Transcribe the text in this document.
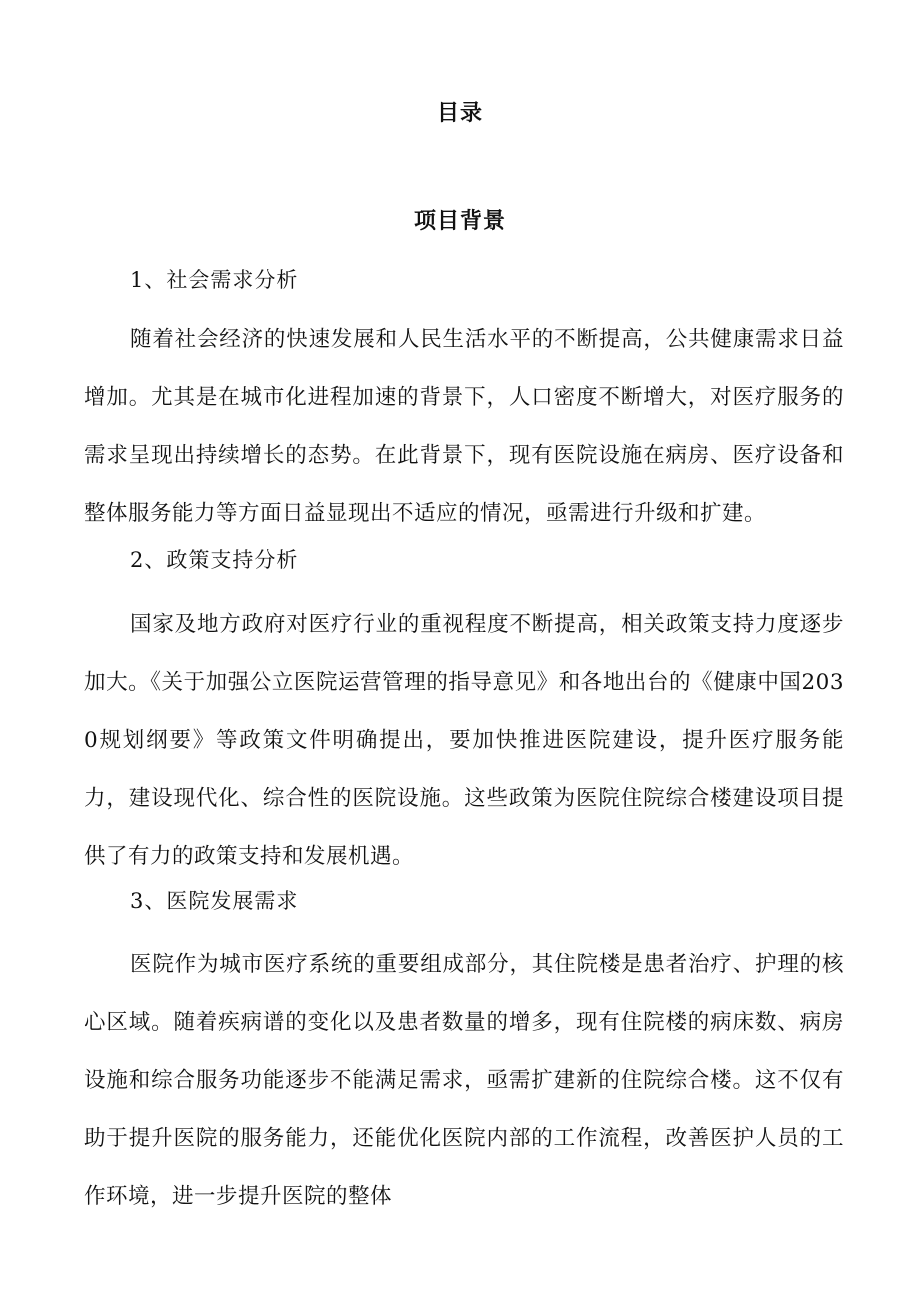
目录
项目背景
1、社会需求分析
随着社会经济的快速发展和人民生活水平的不断提高，公共健康需求日益增加。尤其是在城市化进程加速的背景下，人口密度不断增大，对医疗服务的需求呈现出持续增长的态势。在此背景下，现有医院设施在病房、医疗设备和整体服务能力等方面日益显现出不适应的情况，亟需进行升级和扩建。
2、政策支持分析
国家及地方政府对医疗行业的重视程度不断提高，相关政策支持力度逐步加大。《关于加强公立医院运营管理的指导意见》和各地出台的《健康中国2030规划纲要》等政策文件明确提出，要加快推进医院建设，提升医疗服务能力，建设现代化、综合性的医院设施。这些政策为医院住院综合楼建设项目提供了有力的政策支持和发展机遇。
3、医院发展需求
医院作为城市医疗系统的重要组成部分，其住院楼是患者治疗、护理的核心区域。随着疾病谱的变化以及患者数量的增多，现有住院楼的病床数、病房设施和综合服务功能逐步不能满足需求，亟需扩建新的住院综合楼。这不仅有助于提升医院的服务能力，还能优化医院内部的工作流程，改善医护人员的工作环境，进一步提升医院的整体
